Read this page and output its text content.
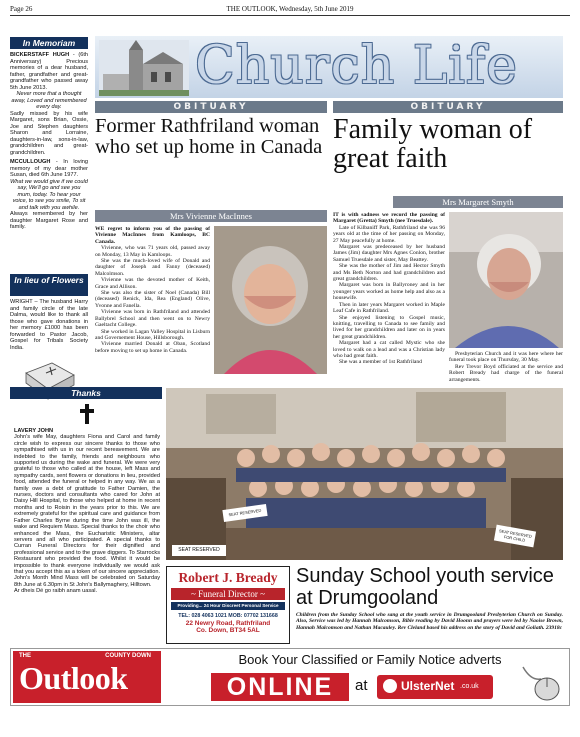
Page 26	THE OUTLOOK, Wednesday, 5th June 2019
In Memoriam
BICKERSTAFF HUGH - (6th Anniversary) Precious memories of a dear husband, father, grandfather and great-grandfather who passed away 5th June 2013.
Never more that a thought away, Loved and remembered every day.
Sadly missed by his wife Margaret, sons Brian, Ossie, Joe and Stephen daughters Sharon and Lorraine, daughters-in-law, sons-in-law, grandchildren and great-grandchildren.
MCCULLOUGH - In loving memory of my dear mother Susan, died 6th June 1977.
What we would give if we could say, We'll go and see you mum, today. To hear your voice, to see you smile, To sit and talk with you awhile.
Always remembered by her daughter Margaret Rose and family.
In lieu of Flowers
WRIGHT – The husband Harry and family circle of the late Dalma, would like to thank all those who gave donations in her memory £1000 has been forwarded to Pastor Jacob, Gospel for Tribals Society India.
Church Life
OBITUARY	OBITUARY
Former Rathfriland woman who set up home in Canada
Mrs Vivienne MacInnes

WE regret to inform you of the passing of Vivienne MacInnes from Kamloops, BC Canada.

Vivienne, who was 71 years old, passed away on Monday, 13 May in Kamloops.

She was the much-loved wife of Donald and daughter of Joseph and Fanny (deceased) Malcolmson.

Vivienne was the devoted mother of Keith, Grace and Allison.

She was also the sister of Noel (Canada) Bill (deceased) Renick, Ida, Rea (England) Olive, Yvonne and Fanella.

Vivienne was born in Rathfriland and attended Ballybrel School and then went on to Newry Gaeltacht College.

She worked in Lagan Valley Hospital in Lisburn and Governement House, Hillsborough.

Vivienne married Donald at Oban, Scotland before moving to set up home in Canada.

Family woman of great faith
Mrs Margaret Smyth

IT is with sadness we record the passing of Margaret (Gretta) Smyth (nee Truesdale).

Late of Kilbaniff Park, Rathfriland she was 96 years old at the time of her passing on Monday, 27 May peacefully at home.

Margaret was predeceased by her husband James (Jim) daughter Mrs Agnes Conlon, brother Samuel Truesdale and sister, May Beattey.

She was the mother of Jim and Hector Smyth and Ms Beth Norton and had grandchildren and great grandchildren.

Margaret was born in Ballyroney and in her younger years worked as home help and also as a housewife.

Then in later years Margaret worked in Maple Leaf Cafe in Rathfriland.

She enjoyed listening to Gospel music, knitting, travelling to Canada to see family and lived for her grandchildren and later on in years her great grandchildren.

Margaret had a cat called Mystic who she loved to walk on a lead and was a Christian lady who had great faith.

She was a member of 1st Rathfriland

Presbyterian Church and it was here where her funeral took place on Thursday, 30 May.

Rev Trevor Boyd officiated at the service and Robert Bready had charge of the funeral arrangements.

Thanks
LAVERY JOHN
John's wife May, daughters Fiona and Carol and family circle wish to express our sincere thanks to those who sympathised with us in our recent bereavement. We are indebted to the family, friends and neighbours who supported us during the wake and funeral. We were very grateful to those who called at the house, left Mass and sympathy cards, sent flowers or donations in lieu, provided food, attended the funeral or helped in any way. We as a family owe a debt of gratitude to Father Damien, the nurses, doctors and consultants who cared for John at Daisy Hill Hospital, to those who helped at home in recent months and to Roisin in the years prior to this. We are extremely grateful for the spiritual care and guidance from Father Charles Byrne during the time John was ill, the wake and Requiem Mass. Special thanks to the choir who enhanced the Mass, the Eucharistic Ministers, altar servers and all who participated. A special thanks to Curran Funeral Directors for their dignified and professional service and to the grave diggers. To Starrocks Restaurant who provided the food. Whilst it would be impossible to thank everyone individually we would ask that you accept this as a token of our sincere appreciation. John's Month Mind Mass will be celebrated on Saturday 8th June at 6.30pm in St John's Ballymaghery, Hilltown.
Ar dheis Dé go raibh anam uasal.
SEAT RESERVED
SEAT RESERVED
SEAT RESERVED FOR CHILD
Robert J. Bready
~ Funeral Director ~
Providing... 24 Hour Discreet Personal Service
TEL: 028 4063 1021 MOB: 07702 131668
22 Newry Road, Rathfriland
Co. Down, BT34 5AL
Sunday School youth service at Drumgooland
Children from the Sunday School who sang at the youth service in Drumgooland Presbyterian Church on Sunday. Also, Service was led by Hannah Malcomson, Bible reading by David Hoonn and prayers were led by Naoise Brown, Hannah Malcomson and Nathan Macauley. Rev Cleland based his address on the story of David and Goliath. 23918c
THE	COUNTY DOWN
Outlook
Book Your Classified or Family Notice adverts
ONLINE	at	UlsterNet .co.uk
